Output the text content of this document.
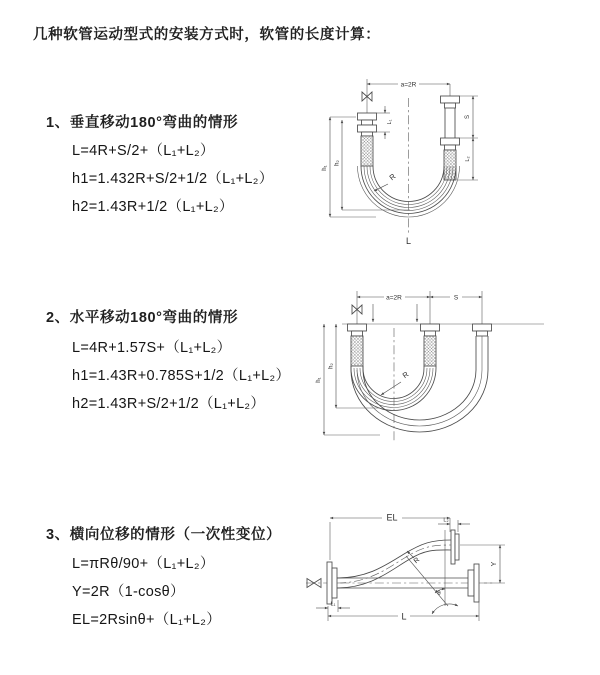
几种软管运动型式的安装方式时，软管的长度计算：
1、垂直移动180°弯曲的情形
L=4R+S/2+（L₁+L₂）
h1=1.432R+S/2+1/2（L₁+L₂）
h2=1.43R+1/2（L₁+L₂）
2、水平移动180°弯曲的情形
L=4R+1.57S+（L₁+L₂）
h1=1.43R+0.785S+1/2（L₁+L₂）
h2=1.43R+S/2+1/2（L₁+L₂）
3、横向位移的情形（一次性变位）
L=πRθ/90+（L₁+L₂）
Y=2R（1-cosθ）
EL=2Rsinθ+（L₁+L₂）
a=2R
L
h₁
h₂
L₁
S
L₂
R
a=2R	S
h₁
h₂
R
EL	L₂
Y
θ
R
L
L₁
